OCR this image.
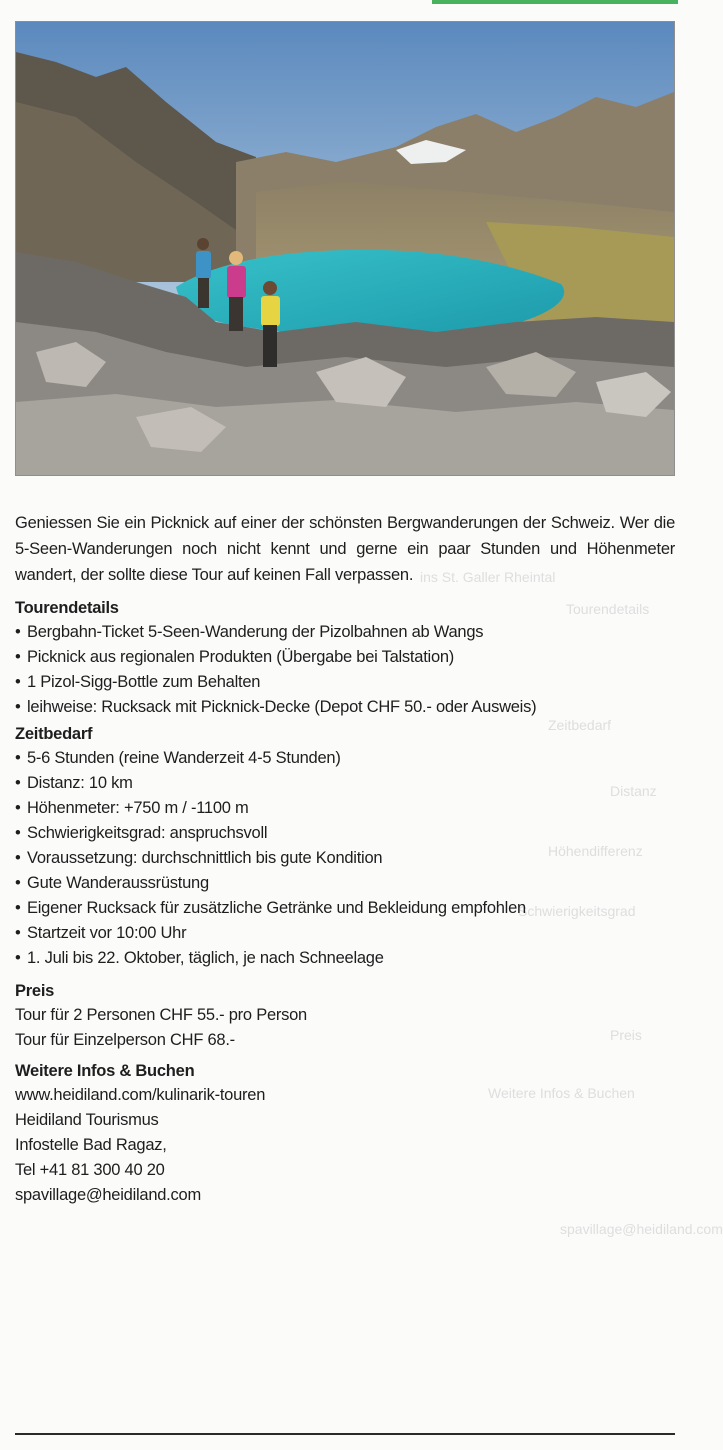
ins St. Galler Rheintal
Tourendetails
Zeitbedarf
Distanz
Höhendifferenz
Schwierigkeitsgrad
Preis
Weitere Infos & Buchen
spavillage@heidiland.com

Geniessen Sie ein Picknick auf einer der schönsten Bergwanderungen der Schweiz. Wer die 5-Seen-Wanderungen noch nicht kennt und gerne ein paar Stunden und Höhenmeter wandert, der sollte diese Tour auf keinen Fall verpassen.

Tourendetails

• Bergbahn-Ticket 5-Seen-Wanderung der Pizolbahnen ab Wangs
• Picknick aus regionalen Produkten (Übergabe bei Talstation)
• 1 Pizol-Sigg-Bottle zum Behalten
• leihweise: Rucksack mit Picknick-Decke (Depot CHF 50.- oder Ausweis)

Zeitbedarf

• 5-6 Stunden (reine Wanderzeit 4-5 Stunden)
• Distanz: 10 km
• Höhenmeter: +750 m / -1100 m
• Schwierigkeitsgrad: anspruchsvoll
• Voraussetzung: durchschnittlich bis gute Kondition
• Gute Wanderaussrüstung
• Eigener Rucksack für zusätzliche Getränke und Bekleidung empfohlen
• Startzeit vor 10:00 Uhr
• 1. Juli bis 22. Oktober, täglich, je nach Schneelage

Preis

Tour für 2 Personen CHF 55.- pro Person

Tour für Einzelperson CHF 68.-

Weitere Infos & Buchen

www.heidiland.com/kulinarik-touren

Heidiland Tourismus

Infostelle Bad Ragaz,

Tel +41 81 300 40 20

spavillage@heidiland.com
